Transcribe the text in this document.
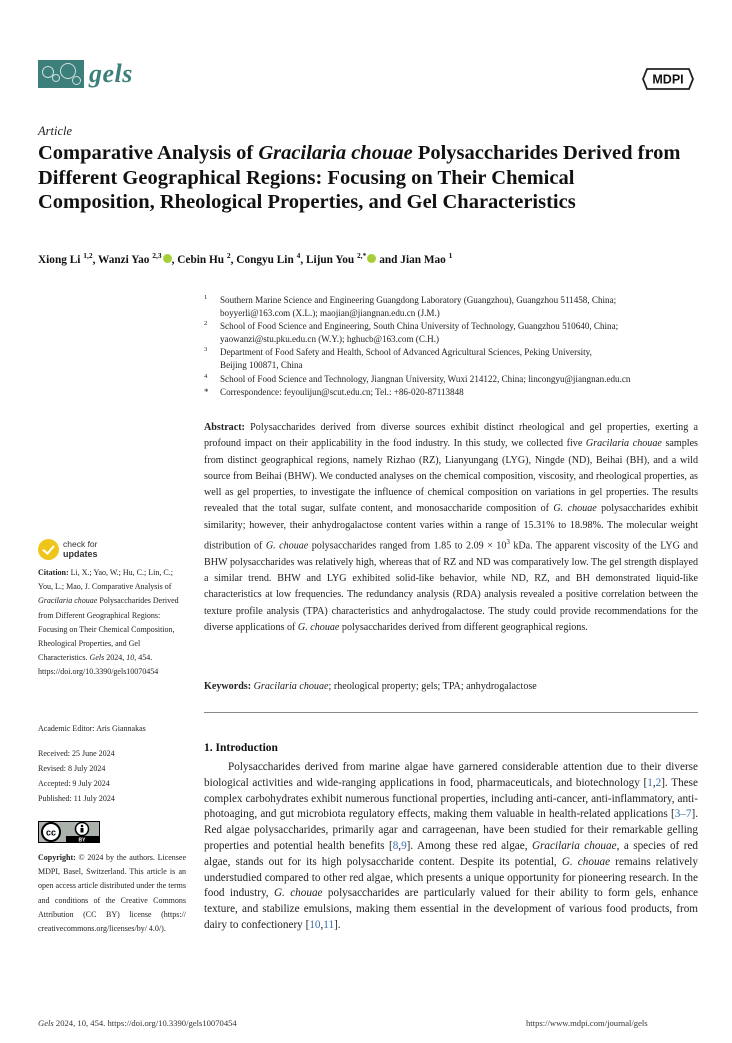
gels	MDPI
Article
Comparative Analysis of Gracilaria chouae Polysaccharides Derived from Different Geographical Regions: Focusing on Their Chemical Composition, Rheological Properties, and Gel Characteristics
Xiong Li $^{1,2}$, Wanzi Yao $^{2,3}$ , Cebin Hu $^2$, Congyu Lin $^4$, Lijun You $^{2,*}$ and Jian Mao $^1$
1 Southern Marine Science and Engineering Guangdong Laboratory (Guangzhou), Guangzhou 511458, China;
boyyerli@163.com (X.L.); maojian@jiangnan.edu.cn (J.M.)
2 School of Food Science and Engineering, South China University of Technology, Guangzhou 510640, China;
yaowanzi@stu.pku.edu.cn (W.Y.); hghucb@163.com (C.H.)
3 Department of Food Safety and Health, School of Advanced Agricultural Sciences, Peking University,
Beijing 100871, China
4 School of Food Science and Technology, Jiangnan University, Wuxi 214122, China; lincongyu@jiangnan.edu.cn
* Correspondence: feyoulijun@scut.edu.cn; Tel.: +86-020-87113848
Abstract: Polysaccharides derived from diverse sources exhibit distinct rheological and gel properties, exerting a profound impact on their applicability in the food industry. In this study, we collected five Gracilaria chouae samples from distinct geographical regions, namely Rizhao (RZ), Lianyungang (LYG), Ningde (ND), Beihai (BH), and a wild source from Beihai (BHW). We conducted analyses on the chemical composition, viscosity, and rheological properties, as well as gel properties, to investigate the influence of chemical composition on variations in gel properties. The results revealed that the total sugar, sulfate content, and monosaccharide composition of G. chouae polysaccharides exhibit similarity; however, their anhydrogalactose content varies within a range of 15.31% to 18.98%. The molecular weight distribution of G. chouae polysaccharides ranged from 1.85 to $2.09 \times 10^3$ kDa. The apparent viscosity of the LYG and BHW polysaccharides was relatively high, whereas that of RZ and ND was comparatively low. The gel strength displayed a similar trend. BHW and LYG exhibited solid-like behavior, while ND, RZ, and BH demonstrated liquid-like characteristics at low frequencies. The redundancy analysis (RDA) analysis revealed a positive correlation between the texture profile analysis (TPA) characteristics and anhydrogalactose. The study could provide recommendations for the diverse applications of G. chouae polysaccharides derived from different geographical regions.
Keywords: Gracilaria chouae; rheological property; gels; TPA; anhydrogalactose
1. Introduction

Polysaccharides derived from marine algae have garnered considerable attention due to their diverse biological activities and wide-ranging applications in food, pharmaceuticals, and biotechnology [1,2]. These complex carbohydrates exhibit numerous functional properties, including anti-cancer, anti-inflammatory, anti-photoaging, and gut microbiota regulatory effects, making them valuable in health-related applications [3–7]. Red algae polysaccharides, primarily agar and carrageenan, have been studied for their remarkable gelling properties and potential health benefits [8,9]. Among these red algae, Gracilaria chouae, a species of red algae, stands out for its high polysaccharide content. Despite its potential, G. chouae remains relatively understudied compared to other red algae, which presents a unique opportunity for pioneering research. In the food industry, G. chouae polysaccharides are particularly valued for their ability to form gels, enhance texture, and stabilize emulsions, making them essential in the development of various food products, from dairy to confectionery [10,11].

check for
updates
Citation: Li, X.; Yao, W.; Hu, C.; Lin, C.; You, L.; Mao, J. Comparative Analysis of Gracilaria chouae Polysaccharides Derived from Different Geographical Regions: Focusing on Their Chemical Composition, Rheological Properties, and Gel Characteristics. Gels 2024, 10, 454. https://doi.org/10.3390/gels10070454
Academic Editor: Aris Giannakas
Received: 25 June 2024
Revised: 8 July 2024
Accepted: 9 July 2024
Published: 11 July 2024
cc
BY
Copyright: © 2024 by the authors. Licensee MDPI, Basel, Switzerland. This article is an open access article distributed under the terms and conditions of the Creative Commons Attribution (CC BY) license (https:// creativecommons.org/licenses/by/ 4.0/).
Gels 2024, 10, 454. https://doi.org/10.3390/gels10070454	https://www.mdpi.com/journal/gels
